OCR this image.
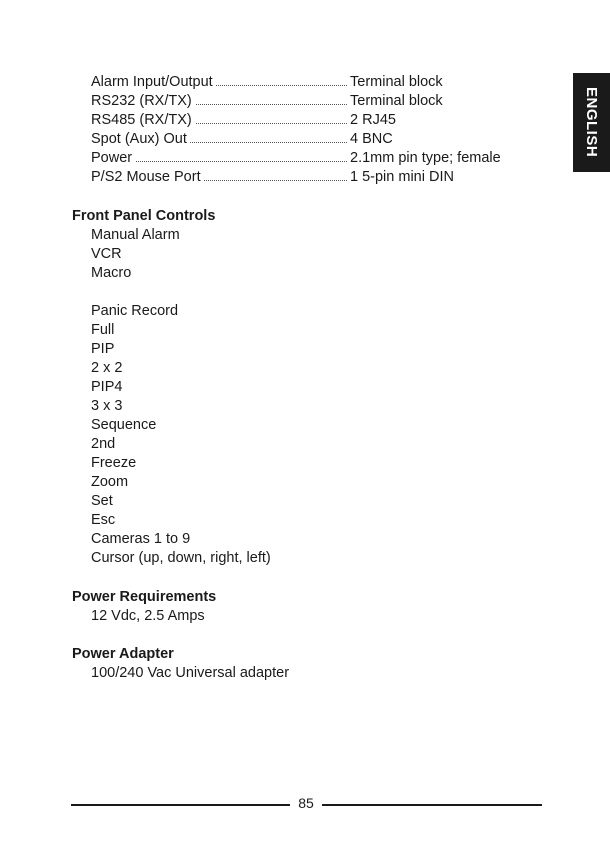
Alarm Input/Output	Terminal block
RS232 (RX/TX)	Terminal block
RS485 (RX/TX)	2 RJ45
Spot (Aux) Out	4 BNC
Power	2.1mm pin type; female
P/S2 Mouse Port	1 5-pin mini DIN
ENGLISH

Front Panel Controls

Manual Alarm
VCR
Macro
Panic Record
Full
PIP
2 x 2
PIP4
3 x 3
Sequence
2nd
Freeze
Zoom
Set
Esc
Cameras 1 to 9
Cursor (up, down, right, left)

Power Requirements

12 Vdc, 2.5 Amps

Power Adapter

100/240 Vac Universal adapter
85
